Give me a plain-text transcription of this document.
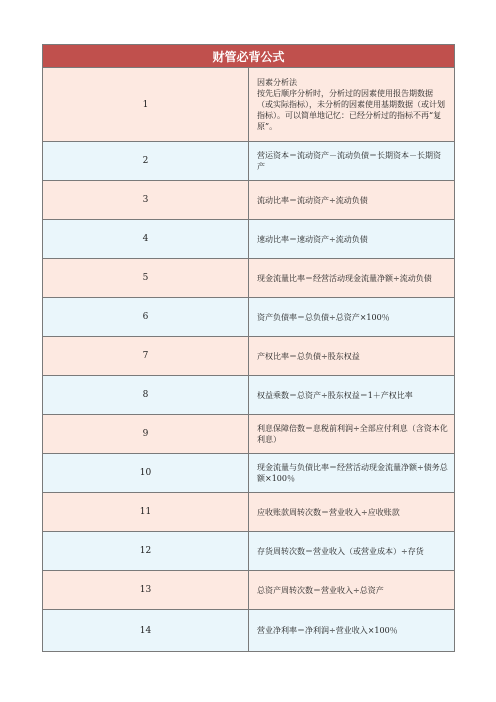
财管必背公式	
1	因素分析法
按先后顺序分析时，分析过的因素使用报告期数据（或实际指标），未分析的因素使用基期数据（或计划指标）。可以简单地记忆：已经分析过的指标不再“复原”。
2	营运资本＝流动资产－流动负债＝长期资本－长期资产
3	流动比率＝流动资产÷流动负债
4	速动比率＝速动资产÷流动负债
5	现金流量比率＝经营活动现金流量净额÷流动负债
6	资产负债率＝总负债÷总资产×100％
7	产权比率＝总负债÷股东权益
8	权益乘数＝总资产÷股东权益＝1＋产权比率
9	利息保障倍数＝息税前利润÷全部应付利息（含资本化利息）
10	现金流量与负债比率＝经营活动现金流量净额÷债务总额×100％
11	应收账款周转次数＝营业收入÷应收账款
12	存货周转次数＝营业收入（或营业成本）÷存货
13	总资产周转次数＝营业收入÷总资产
14	营业净利率＝净利润÷营业收入×100％
